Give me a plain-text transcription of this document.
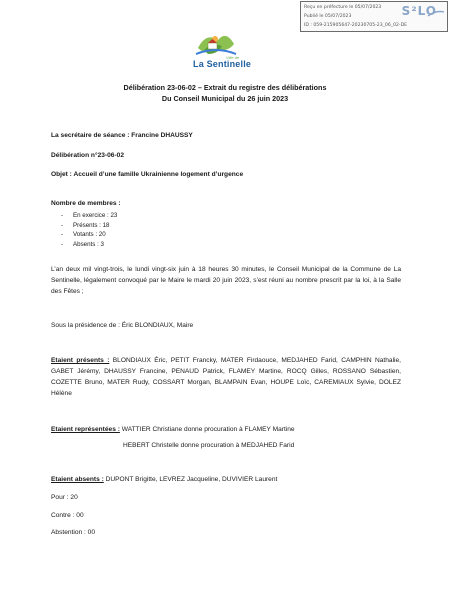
Reçu en préfecture le 05/07/2023
Publié le 05/07/2023
ID : 059-215905647-20230705-23_06_02-DE
S²LO
Ville de
La Sentinelle
Délibération 23-06-02 – Extrait du registre des délibérations
Du Conseil Municipal du 26 juin 2023
La secrétaire de séance : Francine DHAUSSY
Délibération n°23-06-02
Objet : Accueil d’une famille Ukrainienne logement d’urgence
Nombre de membres :
- En exercice : 23
- Présents : 18
- Votants : 20
- Absents : 3
L’an deux mil vingt-trois, le lundi vingt-six juin à 18 heures 30 minutes, le Conseil Municipal de la Commune de La Sentinelle, légalement convoqué par le Maire le mardi 20 juin 2023, s’est réuni au nombre prescrit par la loi, à la Salle des Fêtes ;
Sous la présidence de : Éric BLONDIAUX, Maire
Etaient présents : BLONDIAUX Éric, PETIT Francky, MATER Firdaouce, MEDJAHED Farid, CAMPHIN Nathalie, GABET Jérémy, DHAUSSY Francine, PENAUD Patrick, FLAMEY Martine, ROCQ Gilles, ROSSANO Sébastien, COZETTE Bruno, MATER Rudy, COSSART Morgan, BLAMPAIN Evan, HOUPE Loïc, CAREMIAUX Sylvie, DOLEZ Hélène
Etaient représentées : WATTIER Christiane donne procuration à FLAMEY Martine
HEBERT Christelle donne procuration à MEDJAHED Farid
Etaient absents : DUPONT Brigitte, LEVREZ Jacqueline, DUVIVIER Laurent
Pour : 20
Contre : 00
Abstention : 00
